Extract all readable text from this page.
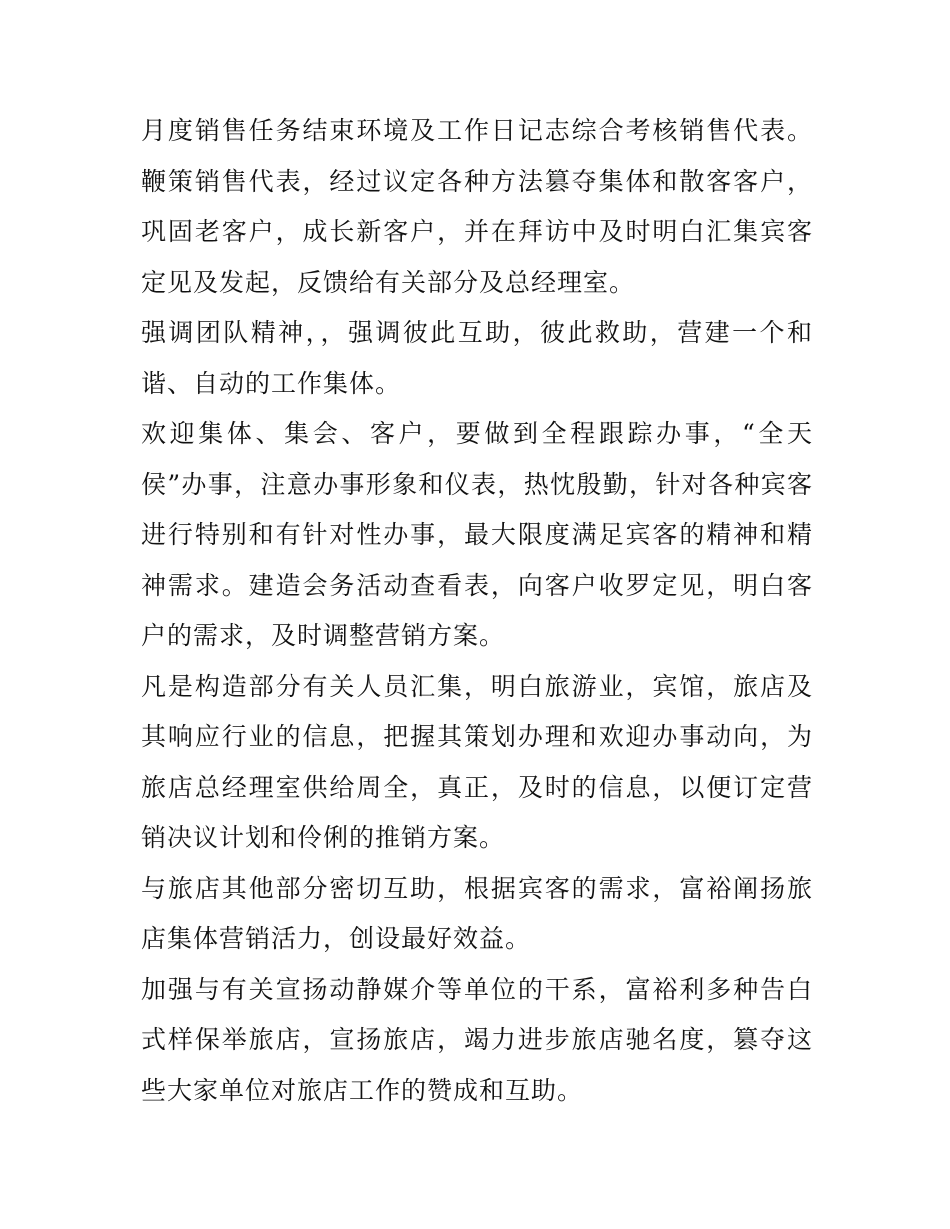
月度销售任务结束环境及工作日记志综合考核销售代表。鞭策销售代表，经过议定各种方法篡夺集体和散客客户，巩固老客户，成长新客户，并在拜访中及时明白汇集宾客定见及发起，反馈给有关部分及总经理室。

强调团队精神，，强调彼此互助，彼此救助，营建一个和谐、自动的工作集体。

欢迎集体、集会、客户，要做到全程跟踪办事，“全天侯”办事，注意办事形象和仪表，热忱殷勤，针对各种宾客进行特别和有针对性办事，最大限度满足宾客的精神和精神需求。建造会务活动查看表，向客户收罗定见，明白客户的需求，及时调整营销方案。

凡是构造部分有关人员汇集，明白旅游业，宾馆，旅店及其响应行业的信息，把握其策划办理和欢迎办事动向，为旅店总经理室供给周全，真正，及时的信息，以便订定营销决议计划和伶俐的推销方案。

与旅店其他部分密切互助，根据宾客的需求，富裕阐扬旅店集体营销活力，创设最好效益。

加强与有关宣扬动静媒介等单位的干系，富裕利多种告白式样保举旅店，宣扬旅店，竭力进步旅店驰名度，篡夺这些大家单位对旅店工作的赞成和互助。
